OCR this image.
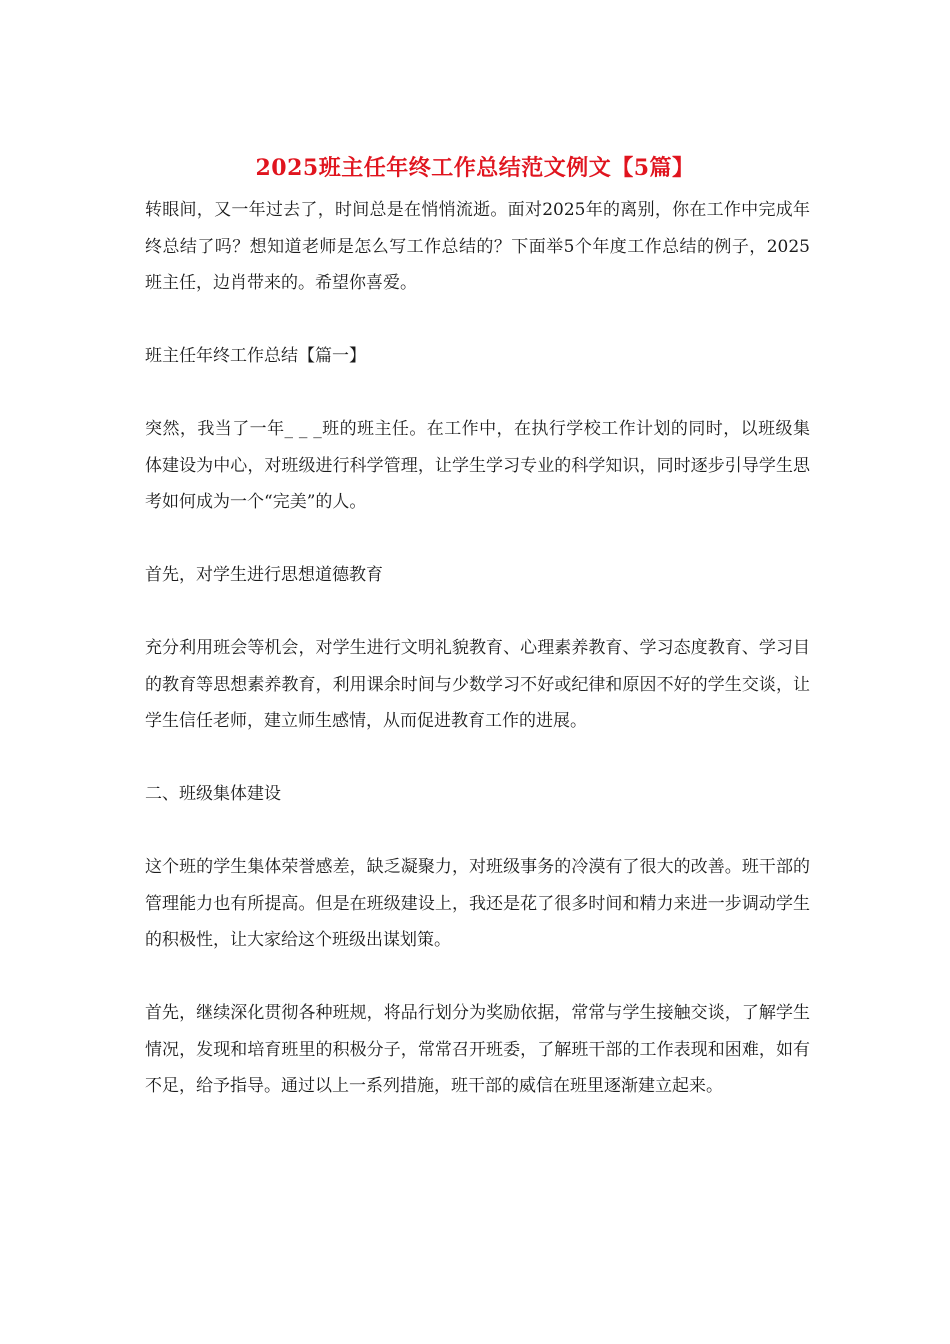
2025班主任年终工作总结范文例文【5篇】

转眼间，又一年过去了，时间总是在悄悄流逝。面对2025年的离别，你在工作中完成年终总结了吗？想知道老师是怎么写工作总结的？下面举5个年度工作总结的例子，2025班主任，边肖带来的。希望你喜爱。

班主任年终工作总结【篇一】

突然，我当了一年_ _ _班的班主任。在工作中，在执行学校工作计划的同时，以班级集体建设为中心，对班级进行科学管理，让学生学习专业的科学知识，同时逐步引导学生思考如何成为一个“完美”的人。

首先，对学生进行思想道德教育

充分利用班会等机会，对学生进行文明礼貌教育、心理素养教育、学习态度教育、学习目的教育等思想素养教育，利用课余时间与少数学习不好或纪律和原因不好的学生交谈，让学生信任老师，建立师生感情，从而促进教育工作的进展。

二、班级集体建设

这个班的学生集体荣誉感差，缺乏凝聚力，对班级事务的冷漠有了很大的改善。班干部的管理能力也有所提高。但是在班级建设上，我还是花了很多时间和精力来进一步调动学生的积极性，让大家给这个班级出谋划策。

首先，继续深化贯彻各种班规，将品行划分为奖励依据，常常与学生接触交谈，了解学生情况，发现和培育班里的积极分子，常常召开班委，了解班干部的工作表现和困难，如有不足，给予指导。通过以上一系列措施，班干部的威信在班里逐渐建立起来。
